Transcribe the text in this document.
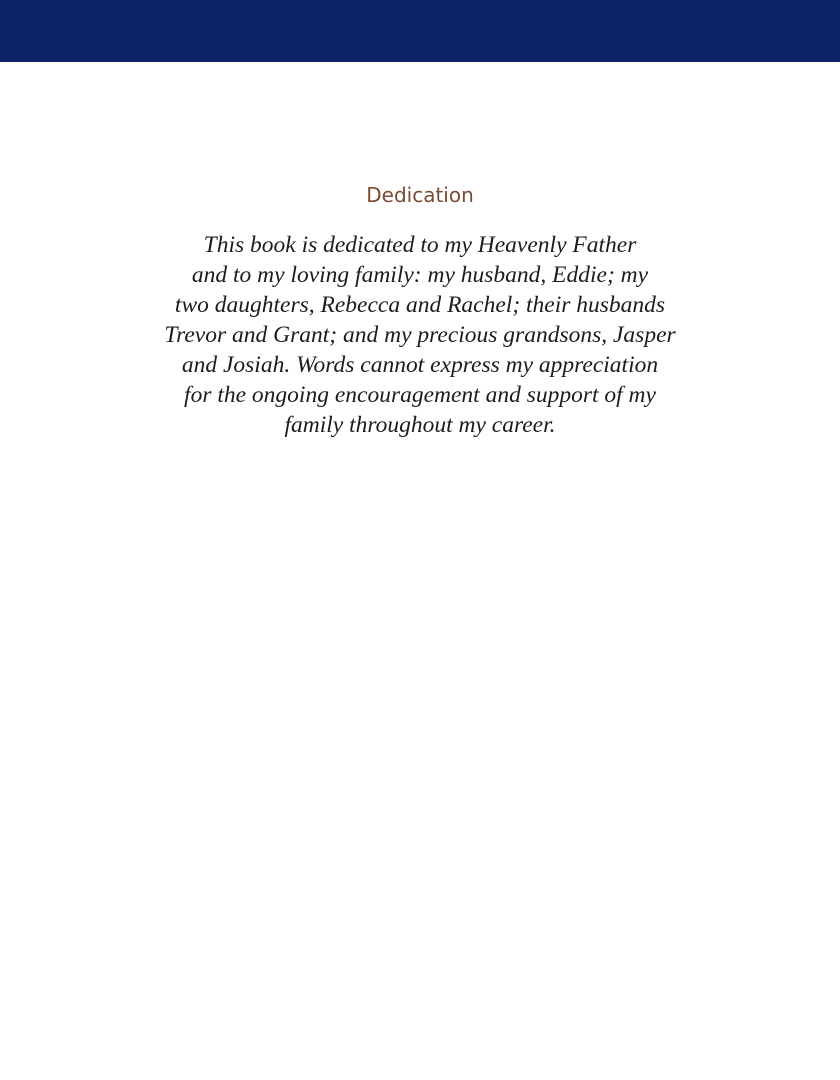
Dedication

This book is dedicated to my Heavenly Father
and to my loving family: my husband, Eddie; my
two daughters, Rebecca and Rachel; their husbands
Trevor and Grant; and my precious grandsons, Jasper
and Josiah. Words cannot express my appreciation
for the ongoing encouragement and support of my
family throughout my career.
